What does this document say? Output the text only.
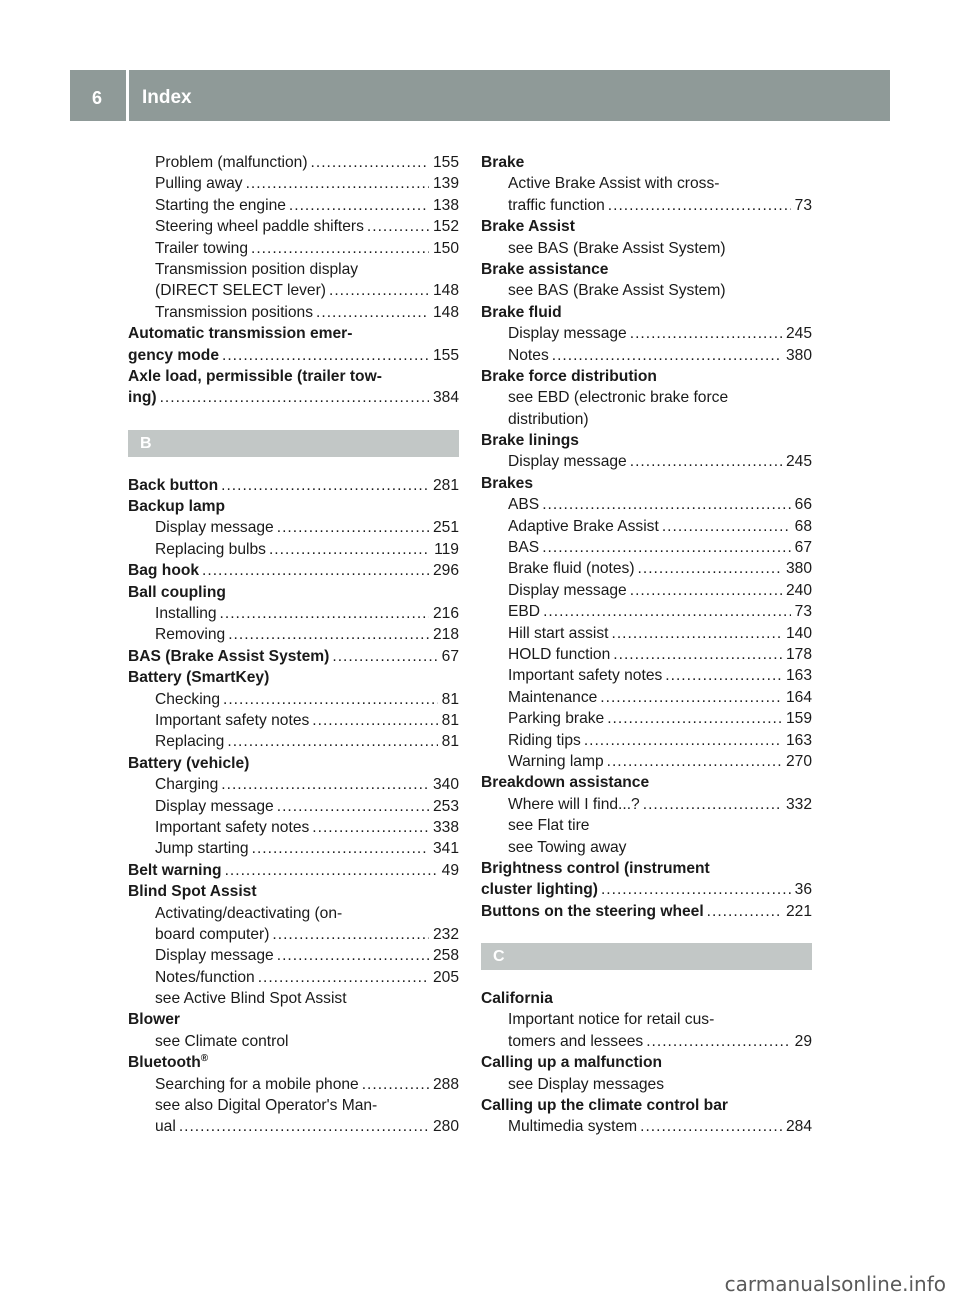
6 Index
Problem (malfunction) .....	155
Pulling away .....	139
Starting the engine .....	138
Steering wheel paddle shifters .....	152
Trailer towing .....	150
Transmission position display
(DIRECT SELECT lever) .....	148
Transmission positions .....	148
Automatic transmission emer-
gency mode .....	155
Axle load, permissible (trailer tow-
ing) .....	384
B
Back button .....	281
Backup lamp
Display message .....	251
Replacing bulbs .....	119
Bag hook .....	296
Ball coupling
Installing .....	216
Removing .....	218
BAS (Brake Assist System) .....	67
Battery (SmartKey)
Checking .....	81
Important safety notes .....	81
Replacing .....	81
Battery (vehicle)
Charging .....	340
Display message .....	253
Important safety notes .....	338
Jump starting .....	341
Belt warning .....	49
Blind Spot Assist
Activating/deactivating (on-
board computer) .....	232
Display message .....	258
Notes/function .....	205
see Active Blind Spot Assist
Blower
see Climate control
Bluetooth®
Searching for a mobile phone .....	288
see also Digital Operator's Man-
ual .....	280
Brake
Active Brake Assist with cross-
traffic function .....	73
Brake Assist
see BAS (Brake Assist System)
Brake assistance
see BAS (Brake Assist System)
Brake fluid
Display message .....	245
Notes .....	380
Brake force distribution
see EBD (electronic brake force
distribution)
Brake linings
Display message .....	245
Brakes
ABS .....	66
Adaptive Brake Assist .....	68
BAS .....	67
Brake fluid (notes) .....	380
Display message .....	240
EBD .....	73
Hill start assist .....	140
HOLD function .....	178
Important safety notes .....	163
Maintenance .....	164
Parking brake .....	159
Riding tips .....	163
Warning lamp .....	270
Breakdown assistance
Where will I find...? .....	332
see Flat tire
see Towing away
Brightness control (instrument
cluster lighting) .....	36
Buttons on the steering wheel .....	221
C
California
Important notice for retail cus-
tomers and lessees .....	29
Calling up a malfunction
see Display messages
Calling up the climate control bar
Multimedia system .....	284
carmanualsonline.info
